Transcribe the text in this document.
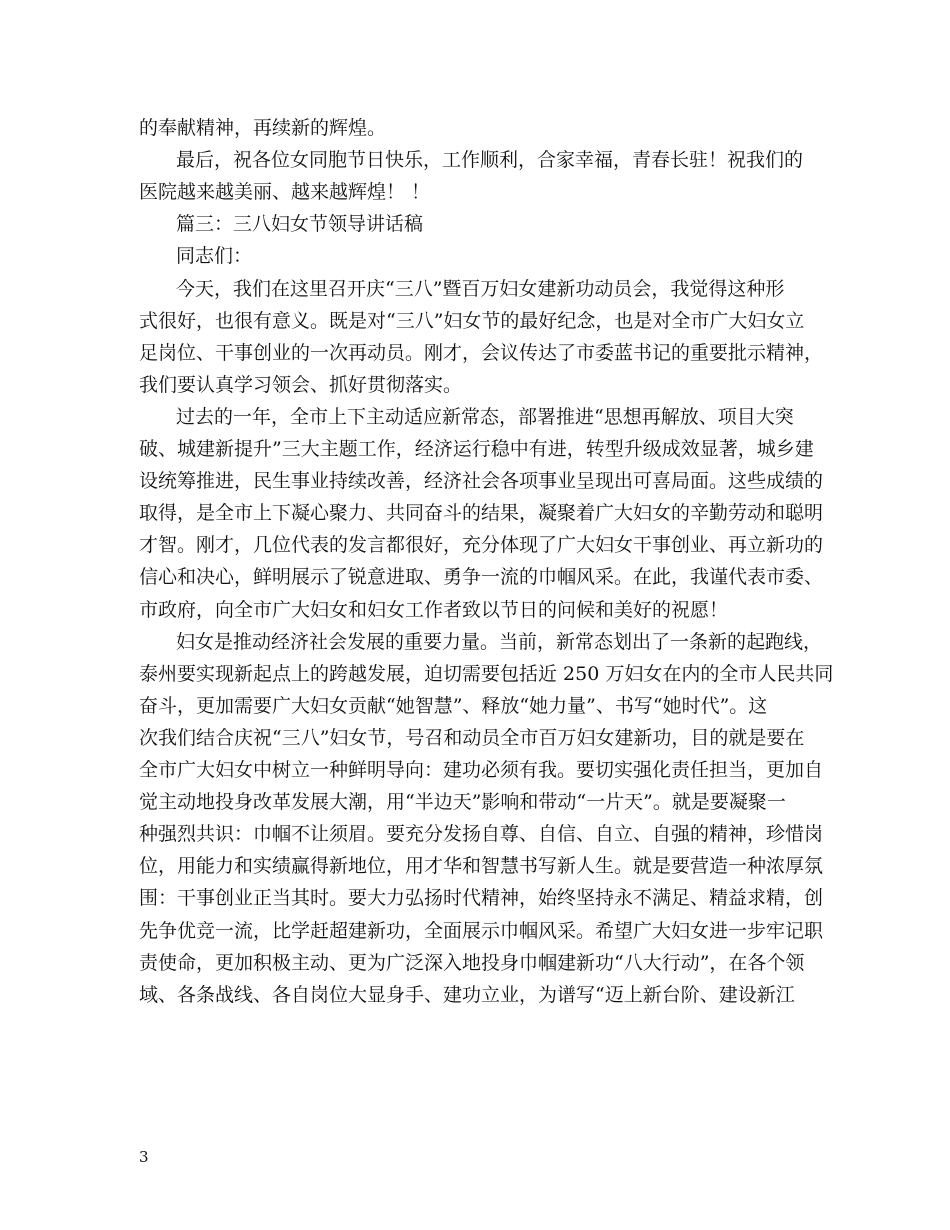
的奉献精神，再续新的辉煌。
最后，祝各位女同胞节日快乐，工作顺利，合家幸福，青春长驻！祝我们的
医院越来越美丽、越来越辉煌！ ！
篇三：三八妇女节领导讲话稿
同志们：
今天，我们在这里召开庆“三八”暨百万妇女建新功动员会，我觉得这种形
式很好，也很有意义。既是对“三八”妇女节的最好纪念，也是对全市广大妇女立
足岗位、干事创业的一次再动员。刚才，会议传达了市委蓝书记的重要批示精神，
我们要认真学习领会、抓好贯彻落实。
过去的一年，全市上下主动适应新常态，部署推进“思想再解放、项目大突
破、城建新提升”三大主题工作，经济运行稳中有进，转型升级成效显著，城乡建
设统筹推进，民生事业持续改善，经济社会各项事业呈现出可喜局面。这些成绩的
取得，是全市上下凝心聚力、共同奋斗的结果，凝聚着广大妇女的辛勤劳动和聪明
才智。刚才，几位代表的发言都很好，充分体现了广大妇女干事创业、再立新功的
信心和决心，鲜明展示了锐意进取、勇争一流的巾帼风采。在此，我谨代表市委、
市政府，向全市广大妇女和妇女工作者致以节日的问候和美好的祝愿！
妇女是推动经济社会发展的重要力量。当前，新常态划出了一条新的起跑线，
泰州要实现新起点上的跨越发展，迫切需要包括近 250 万妇女在内的全市人民共同
奋斗，更加需要广大妇女贡献“她智慧”、释放“她力量”、书写“她时代”。这
次我们结合庆祝“三八”妇女节，号召和动员全市百万妇女建新功，目的就是要在
全市广大妇女中树立一种鲜明导向：建功必须有我。要切实强化责任担当，更加自
觉主动地投身改革发展大潮，用“半边天”影响和带动“一片天”。就是要凝聚一
种强烈共识：巾帼不让须眉。要充分发扬自尊、自信、自立、自强的精神，珍惜岗
位，用能力和实绩赢得新地位，用才华和智慧书写新人生。就是要营造一种浓厚氛
围：干事创业正当其时。要大力弘扬时代精神，始终坚持永不满足、精益求精，创
先争优竞一流，比学赶超建新功，全面展示巾帼风采。希望广大妇女进一步牢记职
责使命，更加积极主动、更为广泛深入地投身巾帼建新功“八大行动”，在各个领
域、各条战线、各自岗位大显身手、建功立业，为谱写“迈上新台阶、建设新江
3
